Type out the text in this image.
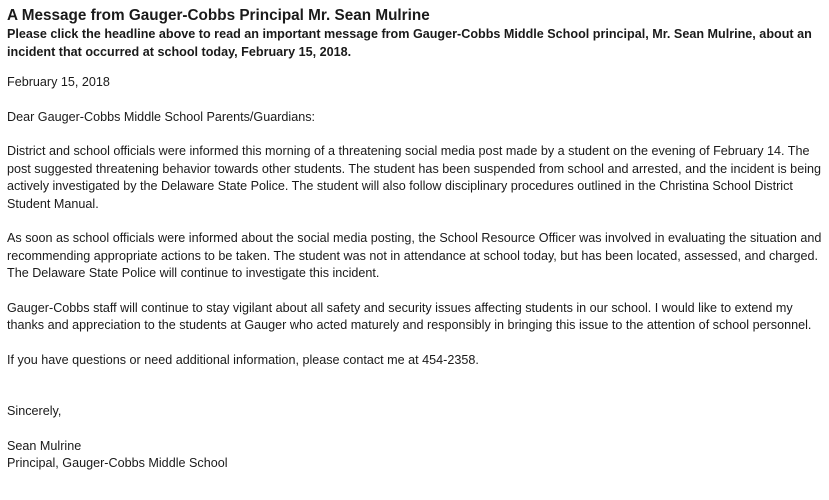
A Message from Gauger-Cobbs Principal Mr. Sean Mulrine

Please click the headline above to read an important message from Gauger-Cobbs Middle School principal, Mr. Sean Mulrine, about an incident that occurred at school today, February 15, 2018.

February 15, 2018

Dear Gauger-Cobbs Middle School Parents/Guardians:

District and school officials were informed this morning of a threatening social media post made by a student on the evening of February 14. The post suggested threatening behavior towards other students. The student has been suspended from school and arrested, and the incident is being actively investigated by the Delaware State Police. The student will also follow disciplinary procedures outlined in the Christina School District Student Manual.

As soon as school officials were informed about the social media posting, the School Resource Officer was involved in evaluating the situation and recommending appropriate actions to be taken. The student was not in attendance at school today, but has been located, assessed, and charged. The Delaware State Police will continue to investigate this incident.

Gauger-Cobbs staff will continue to stay vigilant about all safety and security issues affecting students in our school. I would like to extend my thanks and appreciation to the students at Gauger who acted maturely and responsibly in bringing this issue to the attention of school personnel.

If you have questions or need additional information, please contact me at 454-2358.

Sincerely,

Sean Mulrine

Principal, Gauger-Cobbs Middle School
